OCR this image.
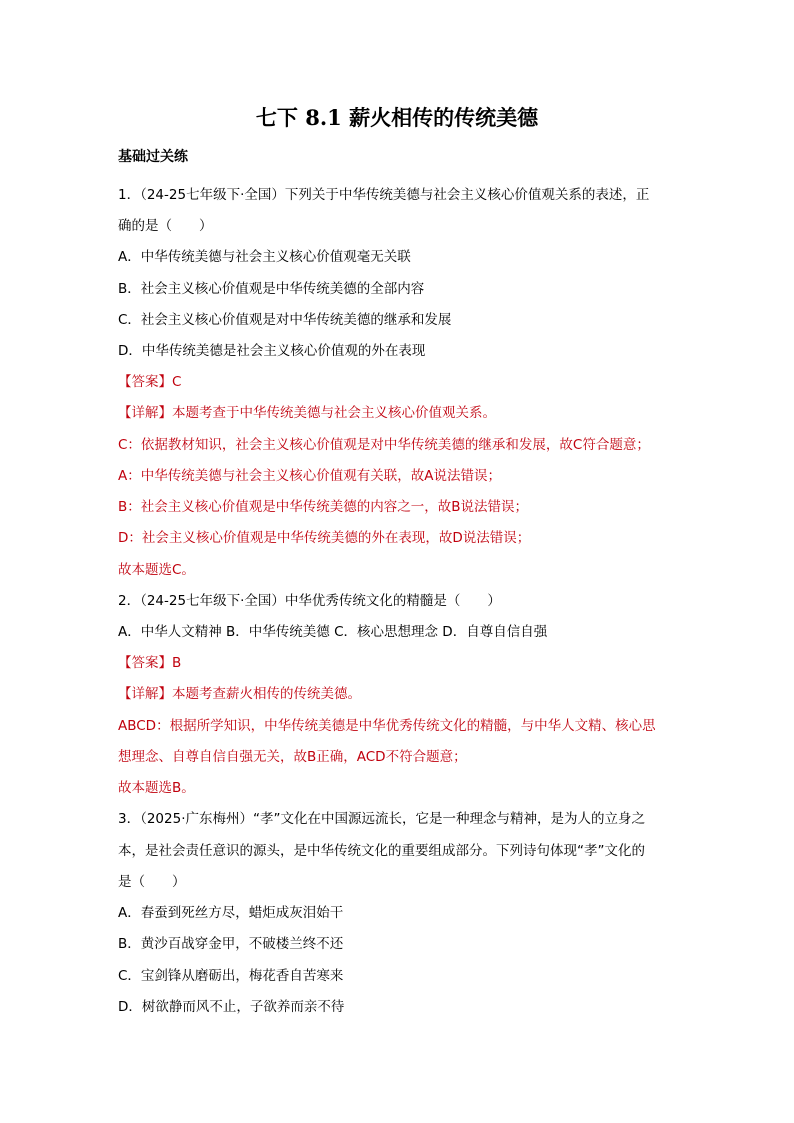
七下 8.1 薪火相传的传统美德
基础过关练
1．（24-25七年级下·全国）下列关于中华传统美德与社会主义核心价值观关系的表述，正
确的是（　　）
A．中华传统美德与社会主义核心价值观毫无关联
B．社会主义核心价值观是中华传统美德的全部内容
C．社会主义核心价值观是对中华传统美德的继承和发展
D．中华传统美德是社会主义核心价值观的外在表现
【答案】C
【详解】本题考查于中华传统美德与社会主义核心价值观关系。
C：依据教材知识，社会主义核心价值观是对中华传统美德的继承和发展，故C符合题意；
A：中华传统美德与社会主义核心价值观有关联，故A说法错误；
B：社会主义核心价值观是中华传统美德的内容之一，故B说法错误；
D：社会主义核心价值观是中华传统美德的外在表现，故D说法错误；
故本题选C。
2．（24-25七年级下·全国）中华优秀传统文化的精髓是（　　）
A．中华人文精神 B．中华传统美德 C．核心思想理念 D．自尊自信自强
【答案】B
【详解】本题考查薪火相传的传统美德。
ABCD：根据所学知识，中华传统美德是中华优秀传统文化的精髓，与中华人文精、核心思
想理念、自尊自信自强无关，故B正确，ACD不符合题意；
故本题选B。
3．（2025·广东梅州）“孝”文化在中国源远流长，它是一种理念与精神，是为人的立身之
本，是社会责任意识的源头，是中华传统文化的重要组成部分。下列诗句体现“孝”文化的
是（　　）
A．春蚕到死丝方尽，蜡炬成灰泪始干
B．黄沙百战穿金甲，不破楼兰终不还
C．宝剑锋从磨砺出，梅花香自苦寒来
D．树欲静而风不止，子欲养而亲不待
